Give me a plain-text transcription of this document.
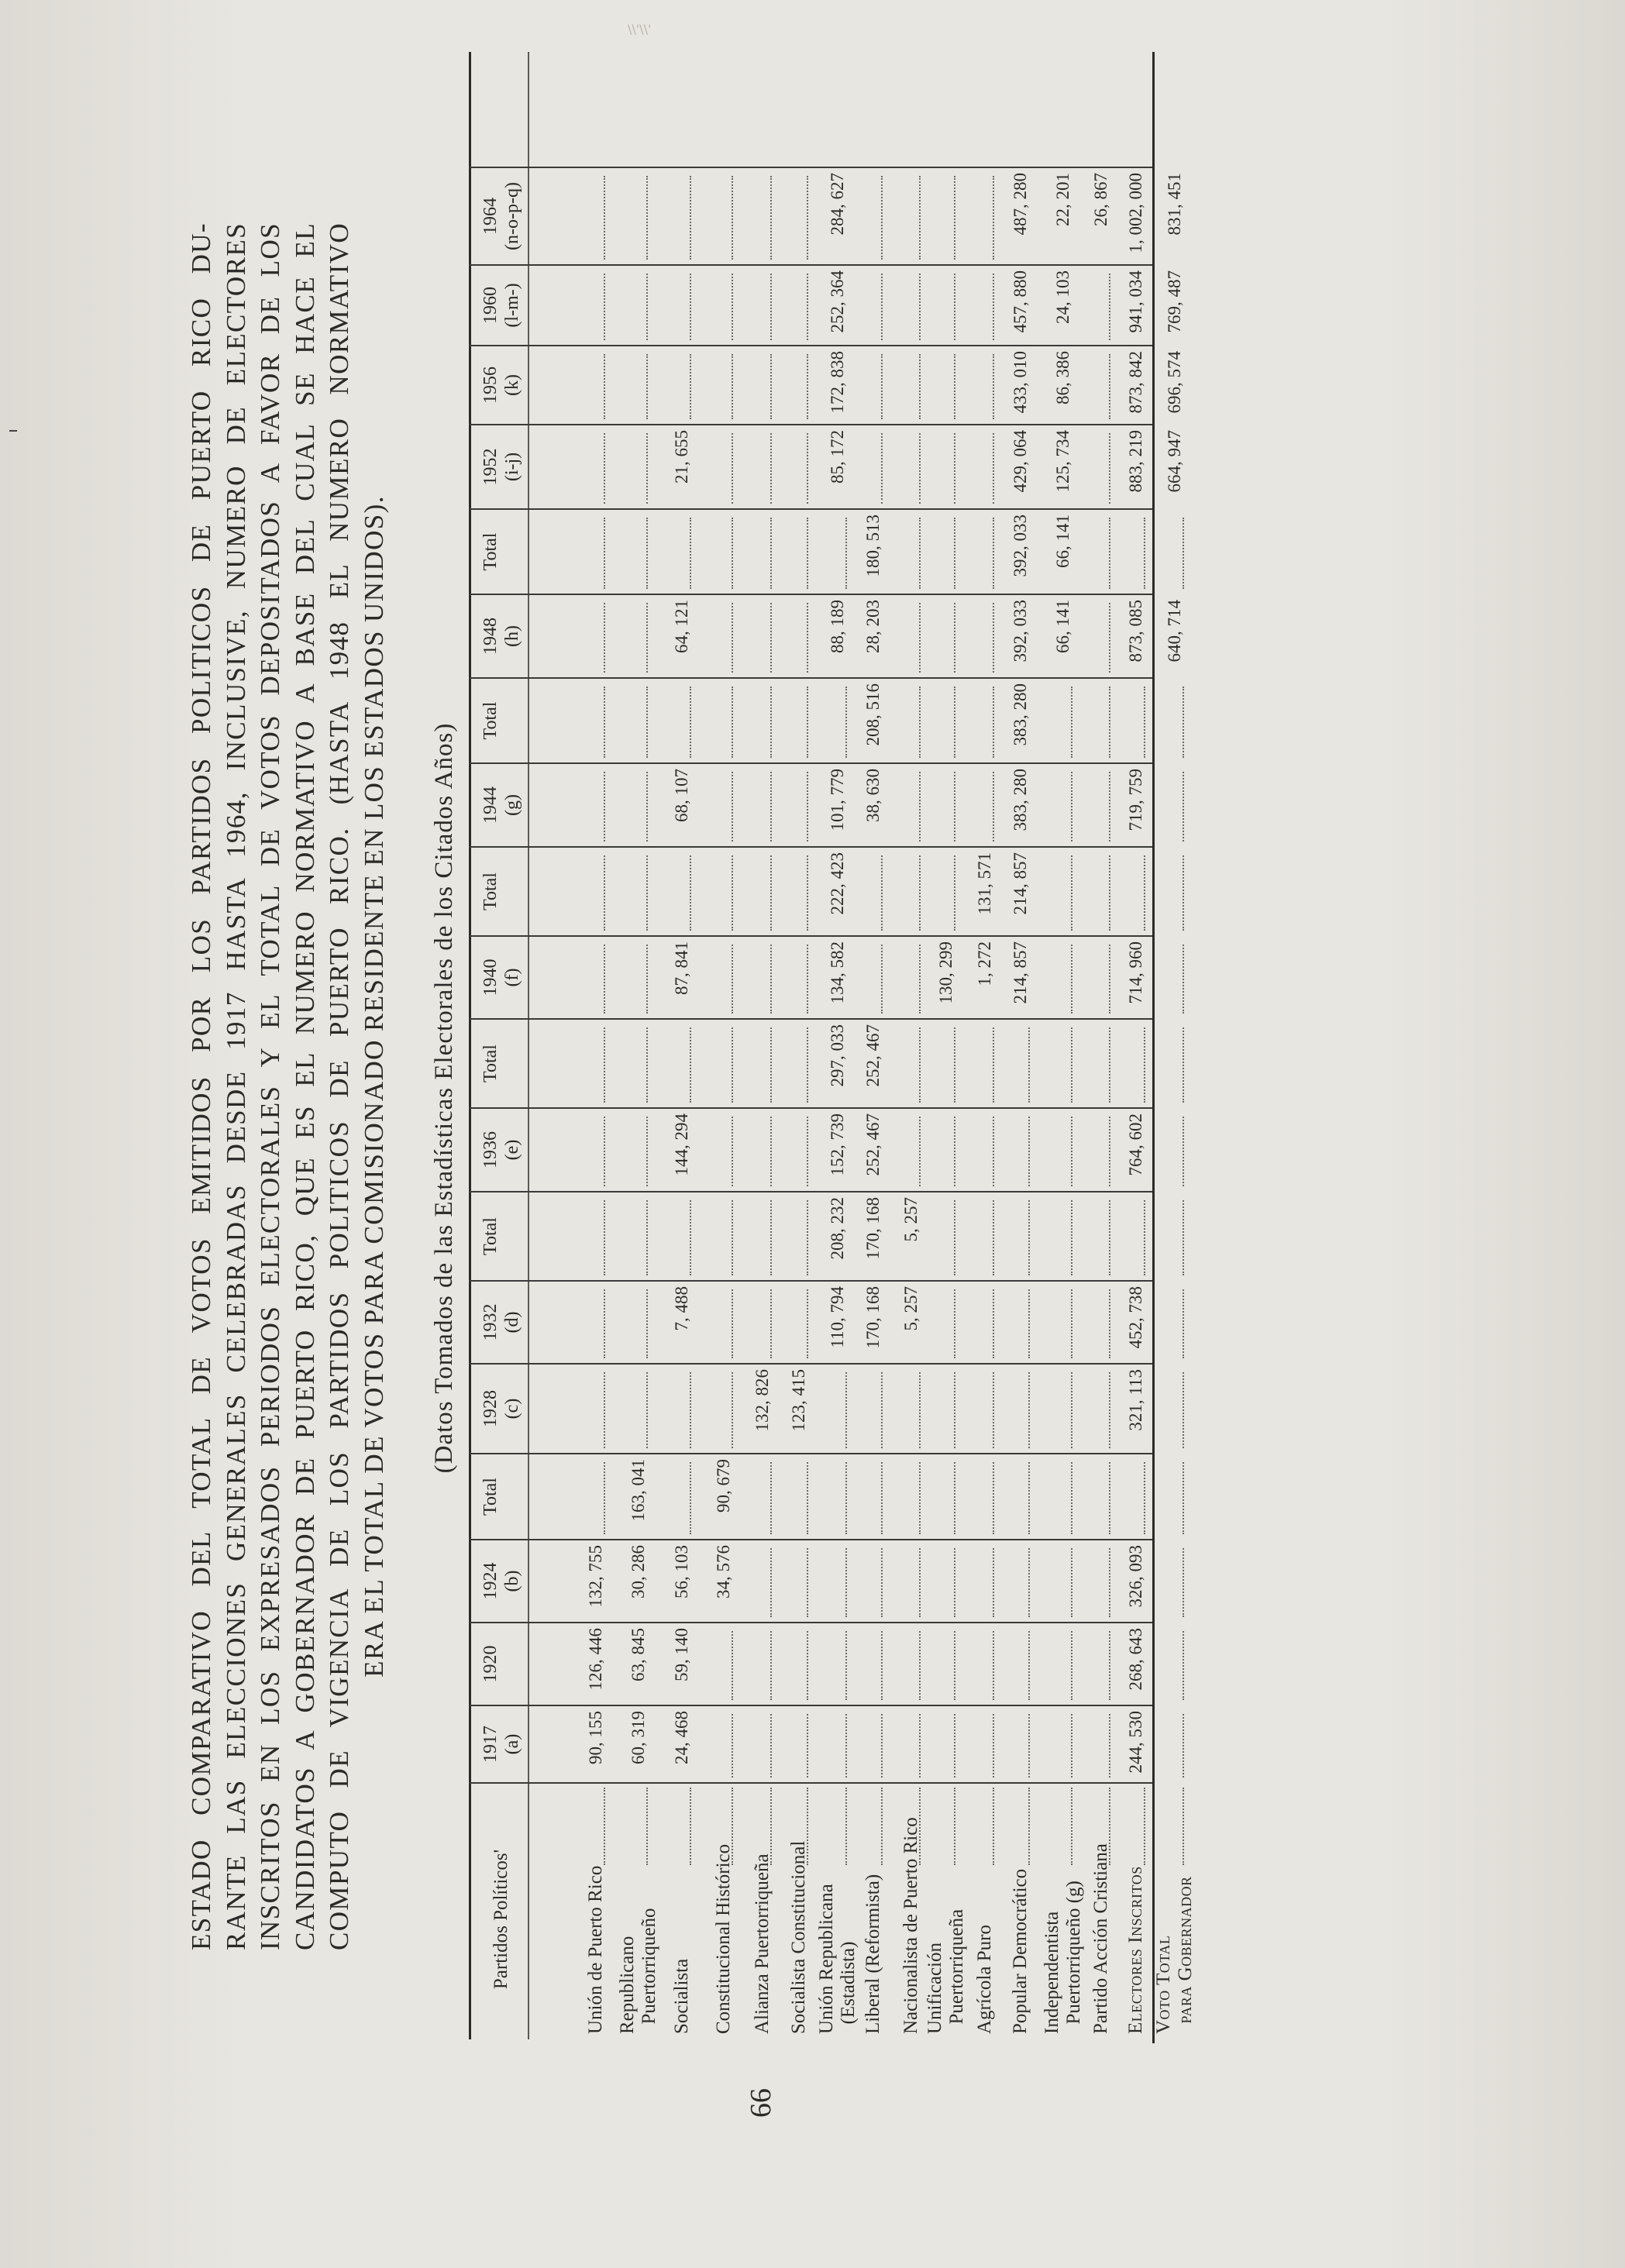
\\'\\'
ESTADO COMPARATIVO DEL TOTAL DE VOTOS EMITIDOS POR LOS PARTIDOS POLITICOS DE PUERTO RICO DU- RANTE LAS ELECCIONES GENERALES CELEBRADAS DESDE 1917 HASTA 1964, INCLUSIVE, NUMERO DE ELECTORES INSCRITOS EN LOS EXPRESADOS PERIODOS ELECTORALES Y EL TOTAL DE VOTOS DEPOSITADOS A FAVOR DE LOS CANDIDATOS A GOBERNADOR DE PUERTO RICO, QUE ES EL NUMERO NORMATIVO A BASE DEL CUAL SE HACE EL COMPUTO DE VIGENCIA DE LOS PARTIDOS POLITICOS DE PUERTO RICO. (HASTA 1948 EL NUMERO NORMATIVO ERA EL TOTAL DE VOTOS PARA COMISIONADO RESIDENTE EN LOS ESTADOS UNIDOS). (Datos Tomados de las Estadísticas Electorales de los Citados Años)
66
Partidos Políticos'
1917 (a)
1920
1924 (b)
Total
1928 (c)
1932 (d)
Total
1936 (e)
Total
1940 (f)
Total
1944 (g)
Total
1948 (h)
Total
1952 (i-j)
1956 (k)
1960 (l-m-)
1964 (n-o-p-q)
Unión de Puerto Rico
90, 155
126, 446
132, 755
Republicano Puertorriqueño
60, 319
63, 845
30, 286
163, 041
Socialista
24, 468
59, 140
56, 103
7, 488
144, 294
87, 841
68, 107
64, 121
21, 655
Constitucional Histórico
34, 576
90, 679
Alianza Puertorriqueña
132, 826
Socialista Constitucional
123, 415
Unión Republicana (Estadista)
110, 794
208, 232
152, 739
297, 033
134, 582
222, 423
101, 779
88, 189
85, 172
172, 838
252, 364
284, 627
Liberal (Reformista)
170, 168
170, 168
252, 467
252, 467
38, 630
208, 516
28, 203
180, 513
Nacionalista de Puerto Rico
5, 257
5, 257
Unificación Puertorriqueña
130, 299
Agrícola Puro
1, 272
131, 571
Popular Democrático
214, 857
214, 857
383, 280
383, 280
392, 033
392, 033
429, 064
433, 010
457, 880
487, 280
Independentista Puertorriqueño (g)
66, 141
66, 141
125, 734
86, 386
24, 103
22, 201
Partido Acción Cristiana
26, 867
Electores Inscritos
244, 530
268, 643
326, 093
321, 113
452, 738
764, 602
714, 960
719, 759
873, 085
883, 219
873, 842
941, 034
1, 002, 000
Voto Total para Gobernador
640, 714
664, 947
696, 574
769, 487
831, 451
